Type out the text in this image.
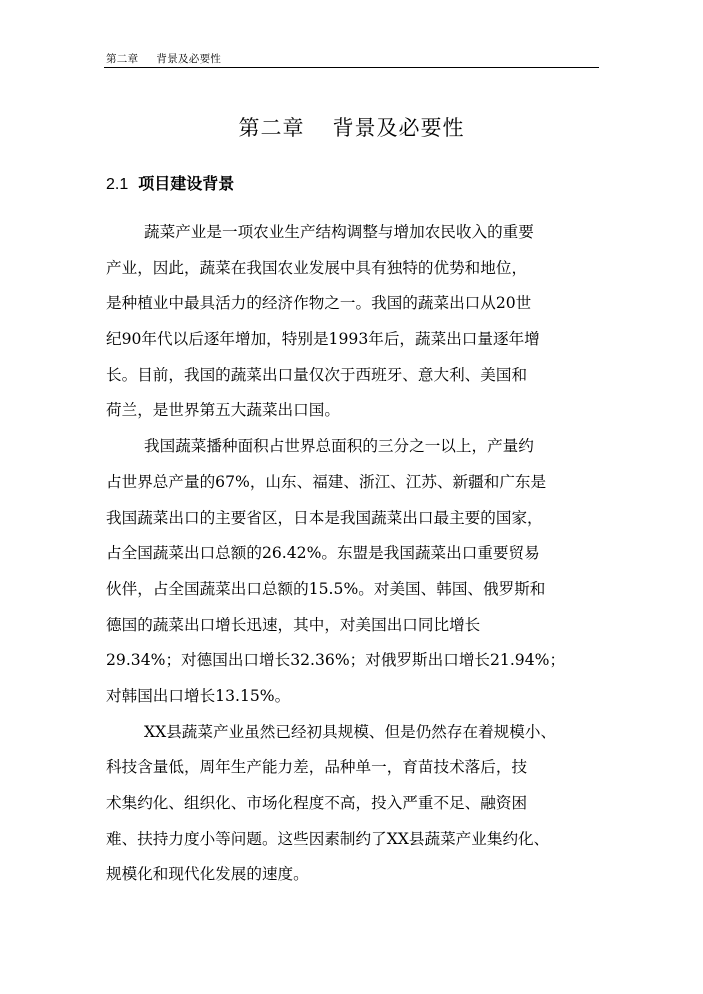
第二章 背景及必要性
第二章 背景及必要性
2.1 项目建设背景
蔬菜产业是一项农业生产结构调整与增加农民收入的重要
产业，因此，蔬菜在我国农业发展中具有独特的优势和地位，
是种植业中最具活力的经济作物之一。我国的蔬菜出口从20世
纪90年代以后逐年增加，特别是1993年后，蔬菜出口量逐年增
长。目前，我国的蔬菜出口量仅次于西班牙、意大利、美国和
荷兰，是世界第五大蔬菜出口国。
我国蔬菜播种面积占世界总面积的三分之一以上，产量约
占世界总产量的67%，山东、福建、浙江、江苏、新疆和广东是
我国蔬菜出口的主要省区，日本是我国蔬菜出口最主要的国家，
占全国蔬菜出口总额的26.42%。东盟是我国蔬菜出口重要贸易
伙伴，占全国蔬菜出口总额的15.5%。对美国、韩国、俄罗斯和
德国的蔬菜出口增长迅速，其中，对美国出口同比增长
29.34%；对德国出口增长32.36%；对俄罗斯出口增长21.94%；
对韩国出口增长13.15%。
XX县蔬菜产业虽然已经初具规模、但是仍然存在着规模小、
科技含量低，周年生产能力差，品种单一，育苗技术落后，技
术集约化、组织化、市场化程度不高，投入严重不足、融资困
难、扶持力度小等问题。这些因素制约了XX县蔬菜产业集约化、
规模化和现代化发展的速度。
